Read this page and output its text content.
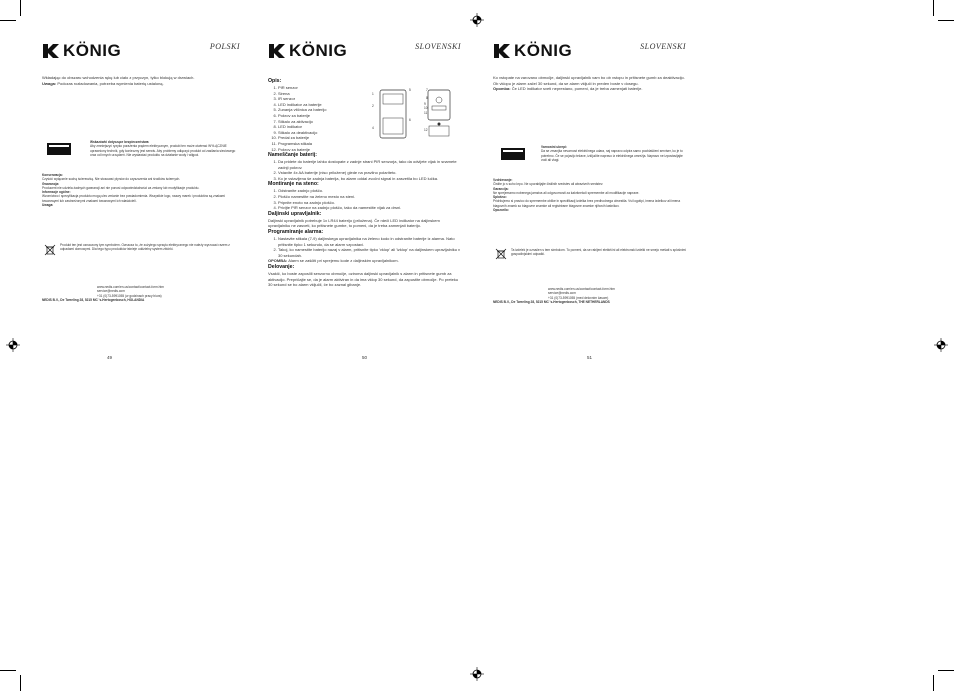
KÖNIG	POLSKI
Wkładając do obszaru wchodzenia rękę lub ciało z przyczyn, tylko blokują w drzwiach.
Uwaga: Podczas rozładowania, potrzeba wymienia baterię ustaloną.
Wskazówki dotyczące bezpieczeństwa:
Aby zmniejszyć ryzyko porażenia prądem elektrycznym, produkt ten może otwierać WYŁĄCZNIE uprawniony technik, gdy konieczny jest serwis. Aby problemy odłączyć produkt od zasilania sieciowego oraz od innych urządzeń. Nie wystawiać produktu na działanie wody i wilgoci.
Konserwacja:
Czyścić wyłącznie suchą ściereczką. Nie stosować płynów do czyszczenia ani środków ściernych.
Gwarancja:
Producent nie udziela żadnych gwarancji ani nie ponosi odpowiedzialności za zmiany lub modyfikacje produktu.
Informacje ogólne:
Wzornictwo i specyfikacja produktu mogą ulec zmianie bez powiadomienia. Wszystkie logo, nazwy marek i produktów są znakami towarowymi lub zastrzeżonymi znakami towarowymi ich właścicieli.
Uwaga:
Produkt ten jest oznaczony tym symbolem. Oznacza to, że zużytego sprzętu elektrycznego nie należy wyrzucać razem z odpadami domowymi. Dla tego typu produktów istnieje oddzielny system zbiórki.
www.nedis.com/en-us/contact/contact-form.htm
service@nedis.com
+31 (0)73-5991055 (w godzinach pracy biura)
NEDIS B.V., De Tweeling 28, 5215 MC 's-Hertogenbosch, HOLANDIA
49
KÖNIG	SLOVENSKI
Opis:
1. PIR senzor
2. Sirena
3. IR senzor
4. LED indikator za baterije
5. Zunanja vtičnica za baterijo
6. Pokrov za baterije
7. Stikalo za aktivacijo
8. LED indikator
9. Stikalo za deaktivacijo
10. Predal za baterije
11. Programska stikala
12. Pokrov za baterije
1
2
4
5
6
7
8
9
10
11
12
Nameščanje baterij:
1. Da pridete do baterije lahko dostopate z zadnje strani PIR senzorja, tako da odvijete vijak in snamete zadnji pokrov.
2. Vstavite 4x AA baterije (niso priložene) glede na pravilno polariteto.
3. Ko je vstavljena še zadnja baterija, bo alarm oddal zvočni signal in zasvetila bo LED lučka.
Montiranje na steno:
1. Odstranite zadnjo ploščo.
2. Ploščo namestite na želeno mesto na steni.
3. Pripnite enoto na zadnjo ploščo.
4. Privijte PIR senzor na zadnjo ploščo, tako da namestite vijak za drsni.
Daljinski upravljalnik:
Daljinski upravljalnik potrebuje 1x LR44 baterijo (priložena). Če rdeči LED indikator na daljinskem upravljalniku ne zasveti, ko pritisnete gumbe, to pomeni, da je treba zamenjati baterijo.
Programiranje alarma:
1. Nastavite stikala (7-9) daljinskega upravljalnika na želeno kodo in odstranite baterije iz alarma. Nato pritisnite tipko 1 sekundo, da se alarm vzpostavi.
2. Takoj, ko namestite baterijo nazaj v alarm, pritisnite tipko 'vklop' ali 'izklop' na daljinskem upravljalniku v 30 sekundah.
OPOMBA: Alarm se zaščiti pri sprejemu kode z daljinskim upravljalnikom.
Delovanje:
Vsakič, ko boste zaposlili senzorno območje, oziroma daljinski upravljalnik s alarm in pritisnete gumb za aktivacijo. Prepričajte se, da je alarm aktiviran in da ima vklop 30 sekund, da zapustite območje. Po preteku 30 sekund se bo alarm vključil, če bo zaznal gibanje.
50
KÖNIG	SLOVENSKI
Ko vstopate na varovano območje, daljinski upravljalnik vam bo ob vstopu in pritisnete gumb za deaktivacijo. Ob vklopu je alarm začel 30 sekund, da se alarm vključi in preden boste v dosegu.
Opomba: Če LED indikator sveti neprestano, pomeni, da je treba zamenjati baterije.
Varnostni ukrepi:
Da se zmanjša nevarnost električnega udara, naj napravo odpira samo pooblaščeni serviser, ko je to potrebno. Če se pojavijo težave, izključite napravo iz električnega omrežja. Napravo ne izpostavljajte vodi ali vlagi.
Vzdrževanje:
Čistite jo s suho krpo. Ne uporabljajte čistilnih sredstev ali abrazivnih sredstev.
Garancija:
Ne sprejemamo nobenega jamstva ali odgovornosti za kakršnekoli spremembe ali modifikacije naprave.
Splošno:
Pridržujemo si pravico do spremembe oblike in specifikacij izdelka brez predhodnega obvestila. Vsi logotipi, imena izdelkov ali imena blagovnih znamk so blagovne znamke ali registrirane blagovne znamke njihovih lastnikov.
Opozorilo:
Ta izdelek je označen s tem simbolom. To pomeni, da se rabljeni električni ali elektronski izdelki ne smejo mešati s splošnimi gospodinjskimi odpadki.
www.nedis.com/en-us/contact/contact-form.htm
service@nedis.com
+31 (0)73-5991055 (med delovnim časom)
NEDIS B.V., De Tweeling 28, 5215 MC 's-Hertogenbosch, THE NETHERLANDS
51
